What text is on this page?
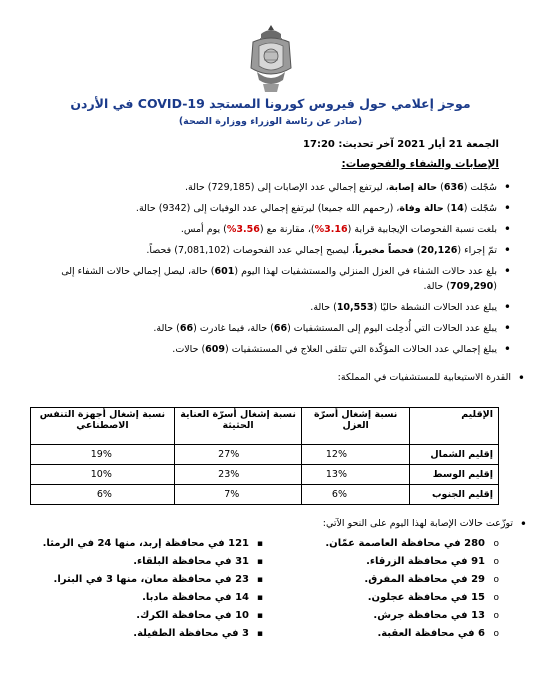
موجز إعلامي حول فيروس كورونا المستجد COVID-19 في الأردن
(صادر عن رئاسة الوزراء ووزارة الصحة)
الجمعة 21 أيار 2021 آخر تحديث: 17:20
الإصابات والشفاء والفحوصات:
• سُجّلت (636) حالة إصابة، ليرتفع إجمالي عدد الإصابات إلى (729,185) حالة.
• سُجّلت (14) حالة وفاة، (رحمهم الله جميعا) ليرتفع إجمالي عدد الوفيات إلى (9342) حالة.
• بلغت نسبة الفحوصات الإيجابية قرابة (3.16%)، مقارنة مع (3.56%) يوم أمس.
• تمّ إجراء (20,126) فحصاً مخبرياً، ليصبح إجمالي عدد الفحوصات (7,081,102) فحصاً.
• بلغ عدد حالات الشفاء في العزل المنزلي والمستشفيات لهذا اليوم (601) حالة، ليصل إجمالي حالات الشفاء إلى (709,290) حالة.
• يبلغ عدد الحالات النشطة حاليًا (10,553) حالة.
• يبلغ عدد الحالات التي أُدخِلت اليوم إلى المستشفيات (66) حالة، فيما غادرت (66) حالة.
• يبلغ إجمالي عدد الحالات المؤكّدة التي تتلقى العلاج في المستشفيات (609) حالات.
• القدرة الاستيعابية للمستشفيات في المملكة:
الإقليم	نسبة إشغال أسرّة العزل	نسبة إشغال أسرّة العناية الحثيثة	نسبة إشغال أجهزة التنفس الاصطناعي
إقليم الشمال	12%	27%	19%
إقليم الوسط	13%	23%	10%
إقليم الجنوب	6%	7%	6%
• توزّعت حالات الإصابة لهذا اليوم على النحو الآتي:
o 280 في محافظة العاصمة عمّان.
o 91 في محافظة الزرقاء.
o 29 في محافظة المفرق.
o 15 في محافظة عجلون.
o 13 في محافظة جرش.
o 6 في محافظة العقبة.
▪ 121 في محافظة إربد، منها 24 في الرمثا.
▪ 31 في محافظة البلقاء.
▪ 23 في محافظة معان، منها 3 في البترا.
▪ 14 في محافظة مادبا.
▪ 10 في محافظة الكرك.
▪ 3 في محافظة الطفيلة.
